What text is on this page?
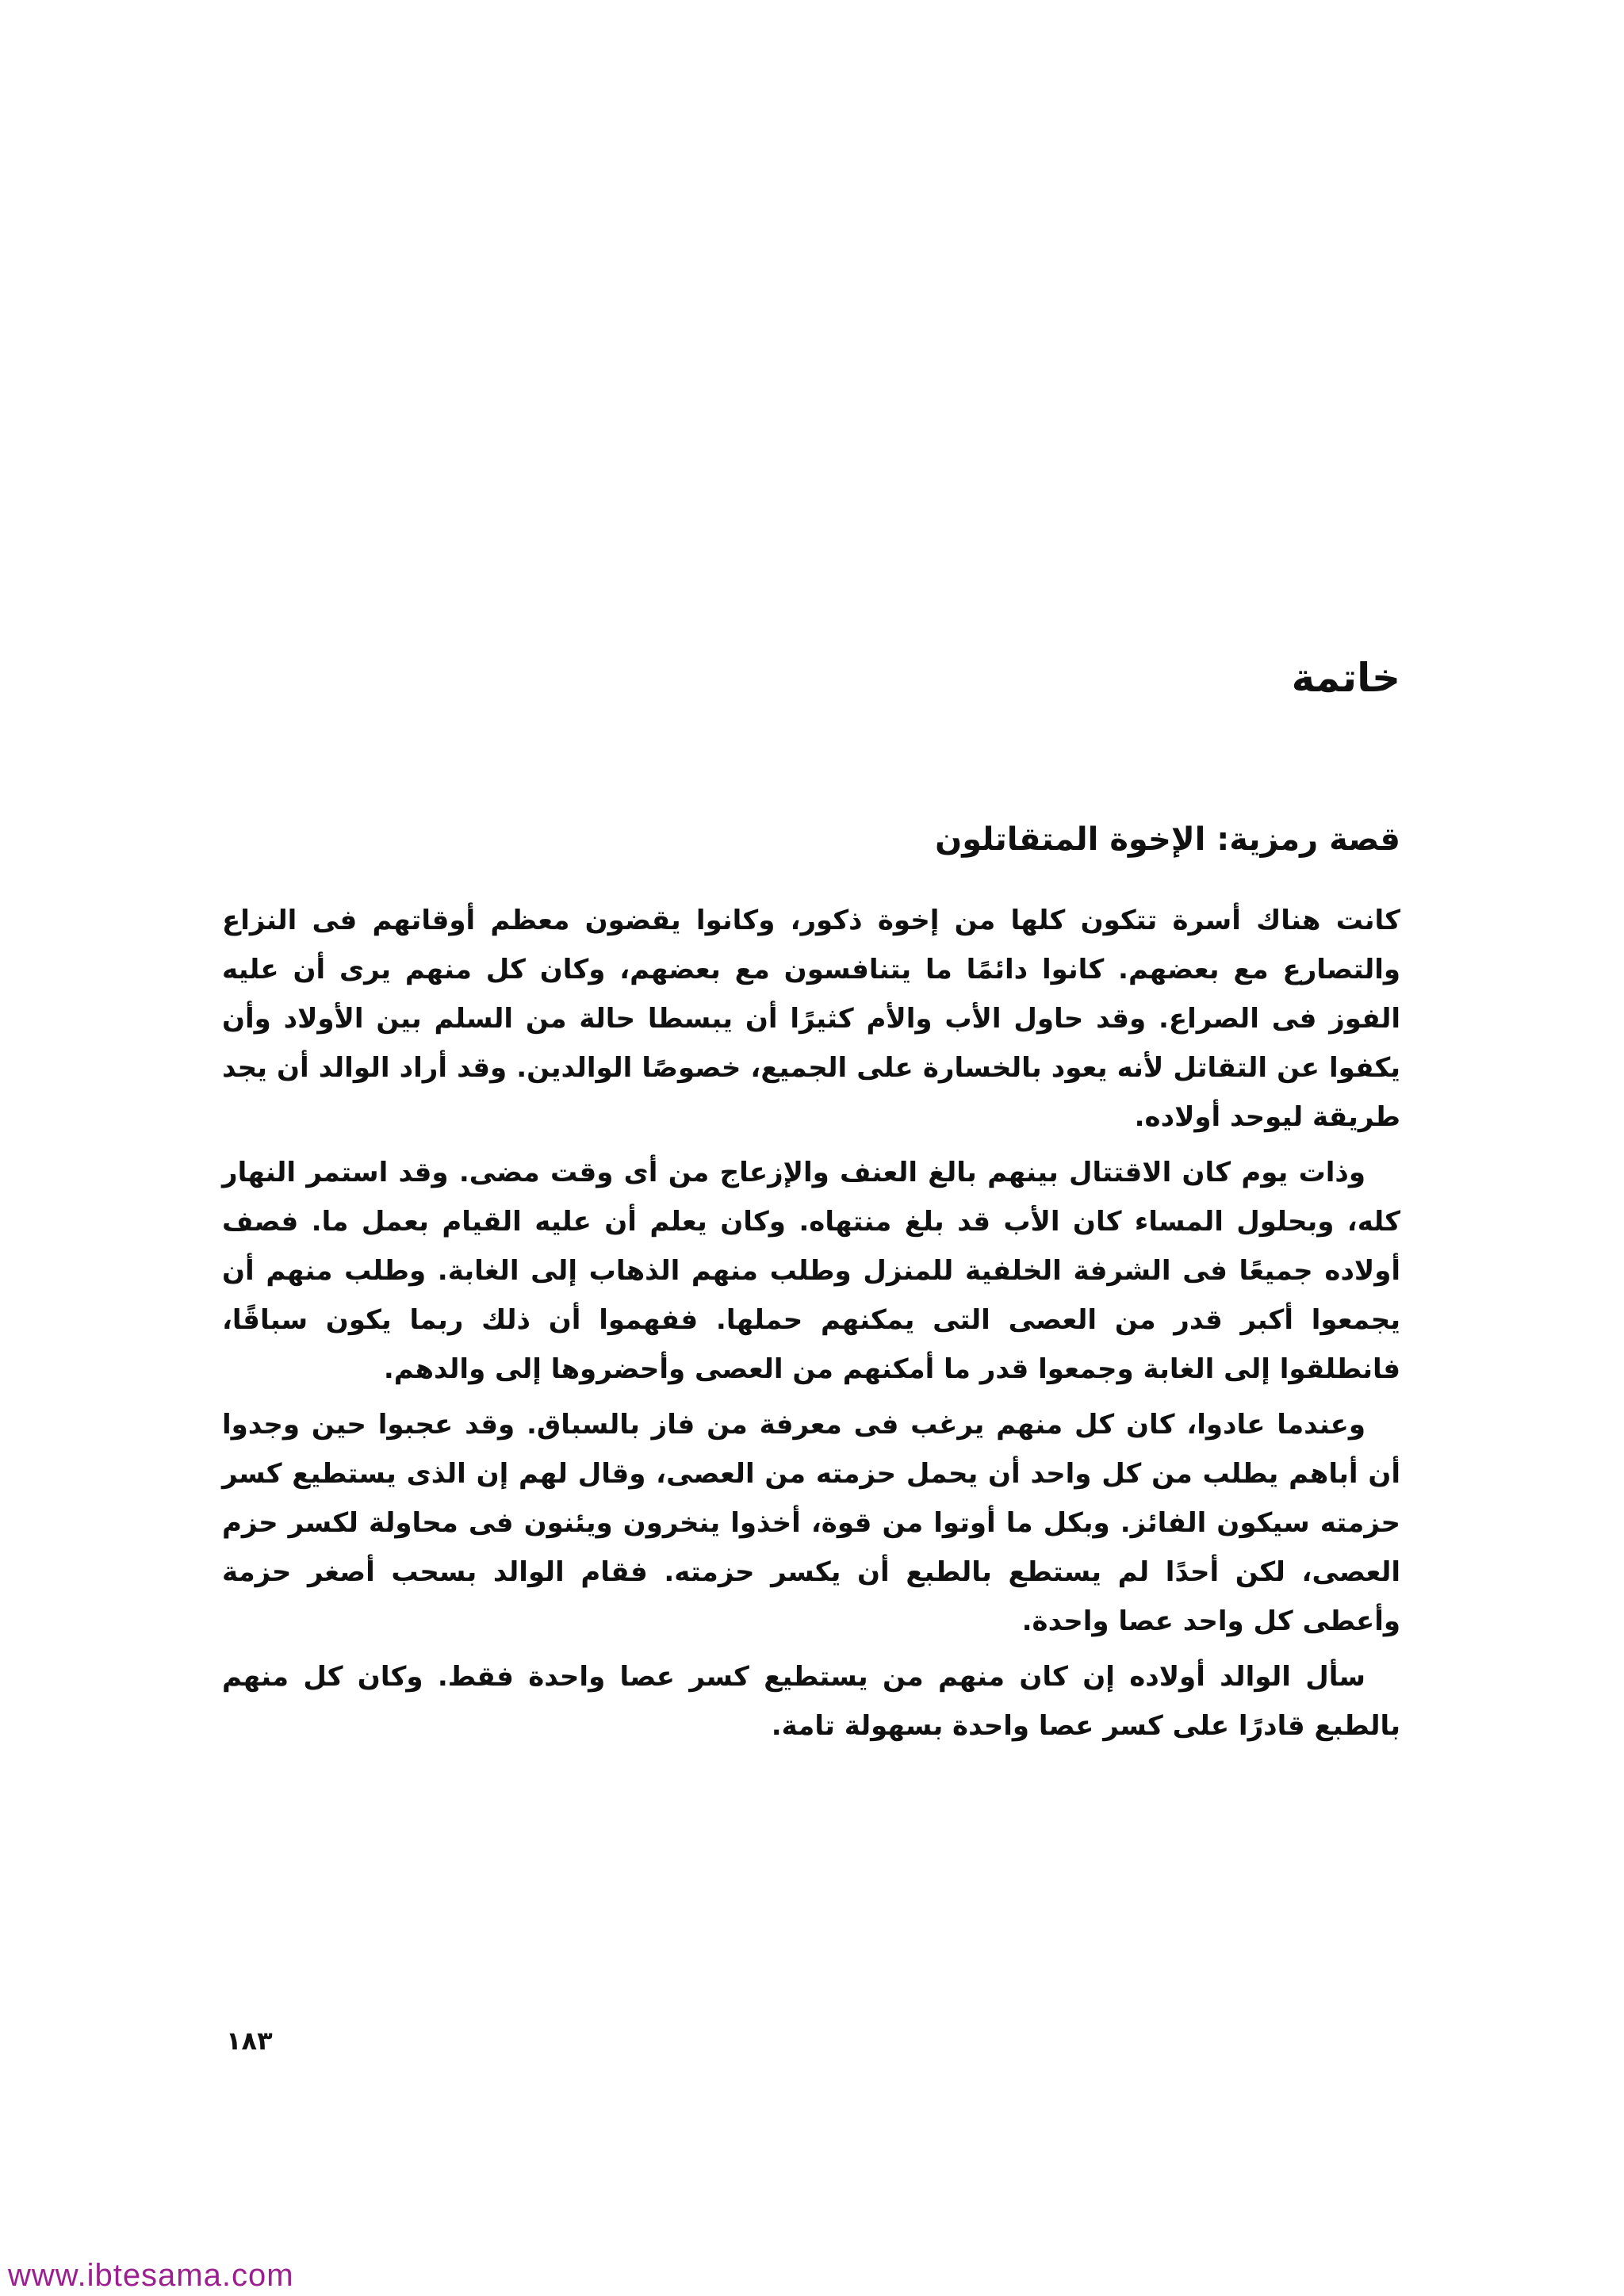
خاتمة
قصة رمزية: الإخوة المتقاتلون

كانت هناك أسرة تتكون كلها من إخوة ذكور، وكانوا يقضون معظم أوقاتهم فى النزاع والتصارع مع بعضهم. كانوا دائمًا ما يتنافسون مع بعضهم، وكان كل منهم يرى أن عليه الفوز فى الصراع. وقد حاول الأب والأم كثيرًا أن يبسطا حالة من السلم بين الأولاد وأن يكفوا عن التقاتل لأنه يعود بالخسارة على الجميع، خصوصًا الوالدين. وقد أراد الوالد أن يجد طريقة ليوحد أولاده.

وذات يوم كان الاقتتال بينهم بالغ العنف والإزعاج من أى وقت مضى. وقد استمر النهار كله، وبحلول المساء كان الأب قد بلغ منتهاه. وكان يعلم أن عليه القيام بعمل ما. فصف أولاده جميعًا فى الشرفة الخلفية للمنزل وطلب منهم الذهاب إلى الغابة. وطلب منهم أن يجمعوا أكبر قدر من العصى التى يمكنهم حملها. ففهموا أن ذلك ربما يكون سباقًا، فانطلقوا إلى الغابة وجمعوا قدر ما أمكنهم من العصى وأحضروها إلى والدهم.

وعندما عادوا، كان كل منهم يرغب فى معرفة من فاز بالسباق. وقد عجبوا حين وجدوا أن أباهم يطلب من كل واحد أن يحمل حزمته من العصى، وقال لهم إن الذى يستطيع كسر حزمته سيكون الفائز. وبكل ما أوتوا من قوة، أخذوا ينخرون ويئنون فى محاولة لكسر حزم العصى، لكن أحدًا لم يستطع بالطبع أن يكسر حزمته. فقام الوالد بسحب أصغر حزمة وأعطى كل واحد عصا واحدة.

سأل الوالد أولاده إن كان منهم من يستطيع كسر عصا واحدة فقط. وكان كل منهم بالطبع قادرًا على كسر عصا واحدة بسهولة تامة.

١٨٣
www.ibtesama.com
